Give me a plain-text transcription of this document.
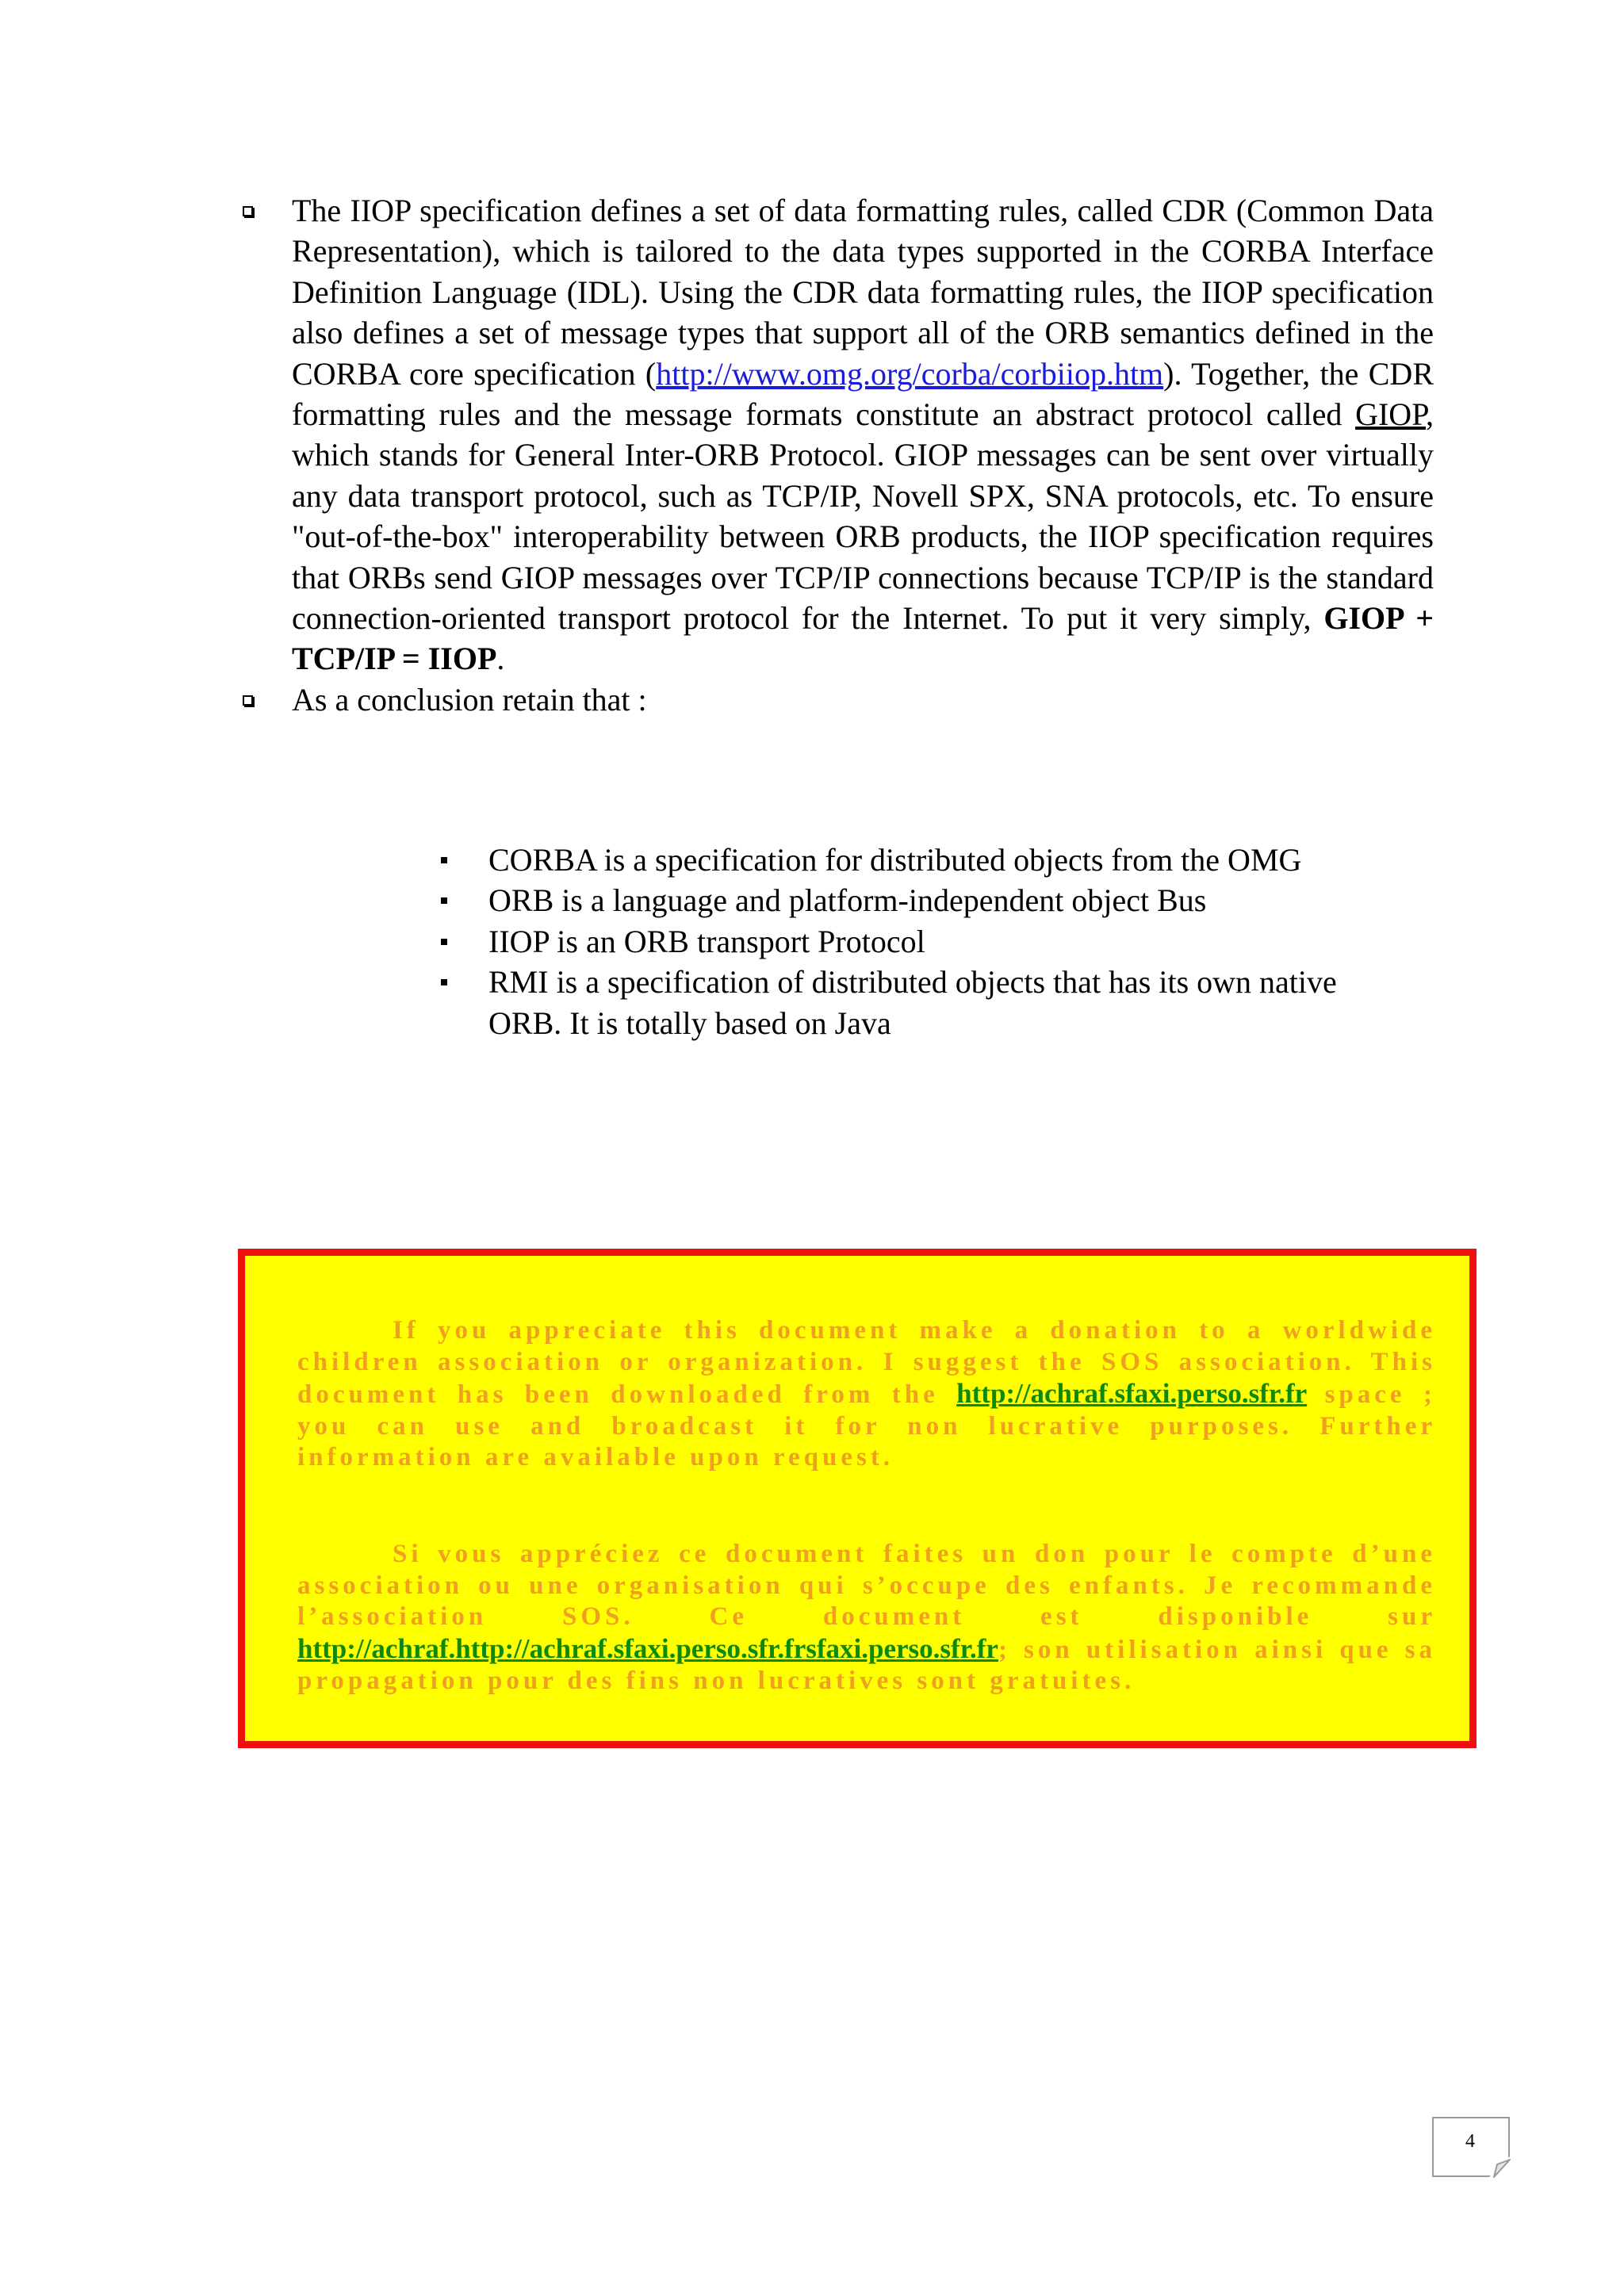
The IIOP specification defines a set of data formatting rules, called CDR (Common Data Representation), which is tailored to the data types supported in the CORBA Interface Definition Language (IDL). Using the CDR data formatting rules, the IIOP specification also defines a set of message types that support all of the ORB semantics defined in the CORBA core specification (http://www.omg.org/corba/corbiiop.htm). Together, the CDR formatting rules and the message formats constitute an abstract protocol called GIOP, which stands for General Inter-ORB Protocol. GIOP messages can be sent over virtually any data transport protocol, such as TCP/IP, Novell SPX, SNA protocols, etc. To ensure "out-of-the-box" interoperability between ORB products, the IIOP specification requires that ORBs send GIOP messages over TCP/IP connections because TCP/IP is the standard connection-oriented transport protocol for the Internet. To put it very simply, GIOP + TCP/IP = IIOP.
As a conclusion retain that :
CORBA is a specification for distributed objects from the OMG
ORB is a language and platform-independent object Bus
IIOP is an ORB transport Protocol
RMI is a specification of distributed objects that has its own native ORB. It is totally based on Java

If you appreciate this document make a donation to a worldwide children association or organization. I suggest the SOS association. This document has been downloaded from the http://achraf.sfaxi.perso.sfr.fr space ; you can use and broadcast it for non lucrative purposes. Further information are available upon request.

Si vous appréciez ce document faites un don pour le compte d’une association ou une organisation qui s’occupe des enfants. Je recommande l’association SOS. Ce document est disponible sur http://achraf.http://achraf.sfaxi.perso.sfr.frsfaxi.perso.sfr.fr; son utilisation ainsi que sa propagation pour des fins non lucratives sont gratuites.

4
